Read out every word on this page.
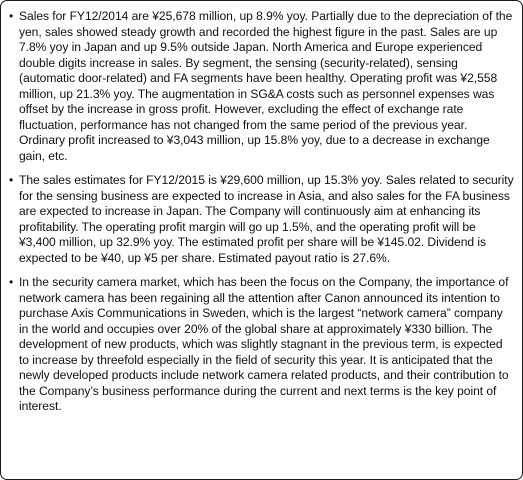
• Sales for FY12/2014 are ¥25,678 million, up 8.9% yoy. Partially due to the depreciation of the yen, sales showed steady growth and recorded the highest figure in the past. Sales are up 7.8% yoy in Japan and up 9.5% outside Japan. North America and Europe experienced double digits increase in sales. By segment, the sensing (security-related), sensing (automatic door-related) and FA segments have been healthy. Operating profit was ¥2,558 million, up 21.3% yoy. The augmentation in SG&A costs such as personnel expenses was offset by the increase in gross profit. However, excluding the effect of exchange rate fluctuation, performance has not changed from the same period of the previous year. Ordinary profit increased to ¥3,043 million, up 15.8% yoy, due to a decrease in exchange gain, etc.
• The sales estimates for FY12/2015 is ¥29,600 million, up 15.3% yoy. Sales related to security for the sensing business are expected to increase in Asia, and also sales for the FA business are expected to increase in Japan. The Company will continuously aim at enhancing its profitability. The operating profit margin will go up 1.5%, and the operating profit will be ¥3,400 million, up 32.9% yoy. The estimated profit per share will be ¥145.02. Dividend is expected to be ¥40, up ¥5 per share. Estimated payout ratio is 27.6%.
• In the security camera market, which has been the focus on the Company, the importance of network camera has been regaining all the attention after Canon announced its intention to purchase Axis Communications in Sweden, which is the largest “network camera” company in the world and occupies over 20% of the global share at approximately ¥330 billion. The development of new products, which was slightly stagnant in the previous term, is expected to increase by threefold especially in the field of security this year. It is anticipated that the newly developed products include network camera related products, and their contribution to the Company’s business performance during the current and next terms is the key point of interest.
